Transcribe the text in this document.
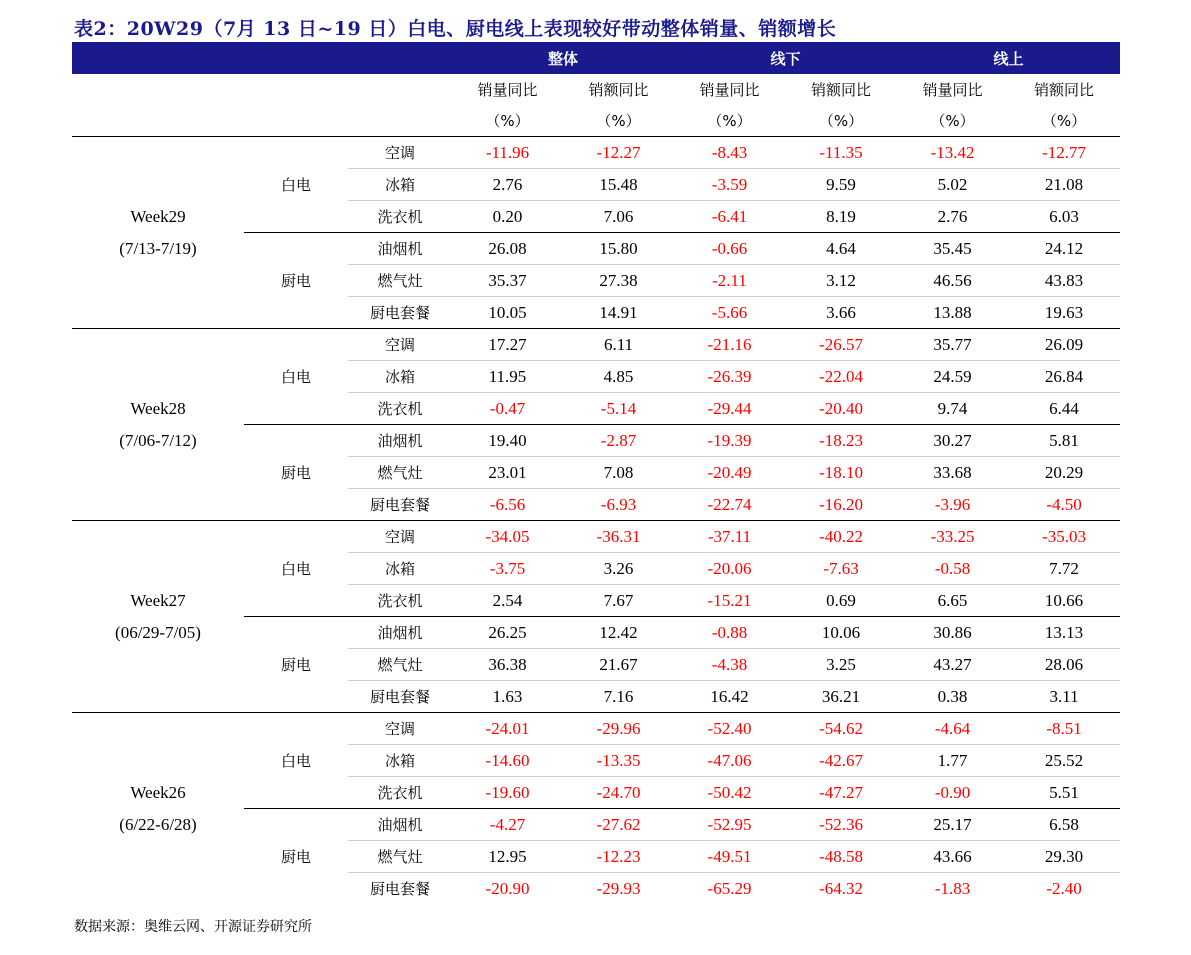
表2：20W29（7月 13 日~19 日）白电、厨电线上表现较好带动整体销量、销额增长
			整体		线下		线上	
			销量同比	销额同比	销量同比	销额同比	销量同比	销额同比
			（%）	（%）	（%）	（%）	（%）	（%）

Week29
(7/13-7/19)	白电	空调	-11.96	-12.27	-8.43	-11.35	-13.42	-12.77
		冰箱	2.76	15.48	-3.59	9.59	5.02	21.08
		洗衣机	0.20	7.06	-6.41	8.19	2.76	6.03
	厨电	油烟机	26.08	15.80	-0.66	4.64	35.45	24.12
		燃气灶	35.37	27.38	-2.11	3.12	46.56	43.83
		厨电套餐	10.05	14.91	-5.66	3.66	13.88	19.63

Week28
(7/06-7/12)	白电	空调	17.27	6.11	-21.16	-26.57	35.77	26.09
		冰箱	11.95	4.85	-26.39	-22.04	24.59	26.84
		洗衣机	-0.47	-5.14	-29.44	-20.40	9.74	6.44
	厨电	油烟机	19.40	-2.87	-19.39	-18.23	30.27	5.81
		燃气灶	23.01	7.08	-20.49	-18.10	33.68	20.29
		厨电套餐	-6.56	-6.93	-22.74	-16.20	-3.96	-4.50

Week27
(06/29-7/05)	白电	空调	-34.05	-36.31	-37.11	-40.22	-33.25	-35.03
		冰箱	-3.75	3.26	-20.06	-7.63	-0.58	7.72
		洗衣机	2.54	7.67	-15.21	0.69	6.65	10.66
	厨电	油烟机	26.25	12.42	-0.88	10.06	30.86	13.13
		燃气灶	36.38	21.67	-4.38	3.25	43.27	28.06
		厨电套餐	1.63	7.16	16.42	36.21	0.38	3.11

Week26
(6/22-6/28)	白电	空调	-24.01	-29.96	-52.40	-54.62	-4.64	-8.51
		冰箱	-14.60	-13.35	-47.06	-42.67	1.77	25.52
		洗衣机	-19.60	-24.70	-50.42	-47.27	-0.90	5.51
	厨电	油烟机	-4.27	-27.62	-52.95	-52.36	25.17	6.58
		燃气灶	12.95	-12.23	-49.51	-48.58	43.66	29.30
		厨电套餐	-20.90	-29.93	-65.29	-64.32	-1.83	-2.40
数据来源：奥维云网、开源证券研究所
